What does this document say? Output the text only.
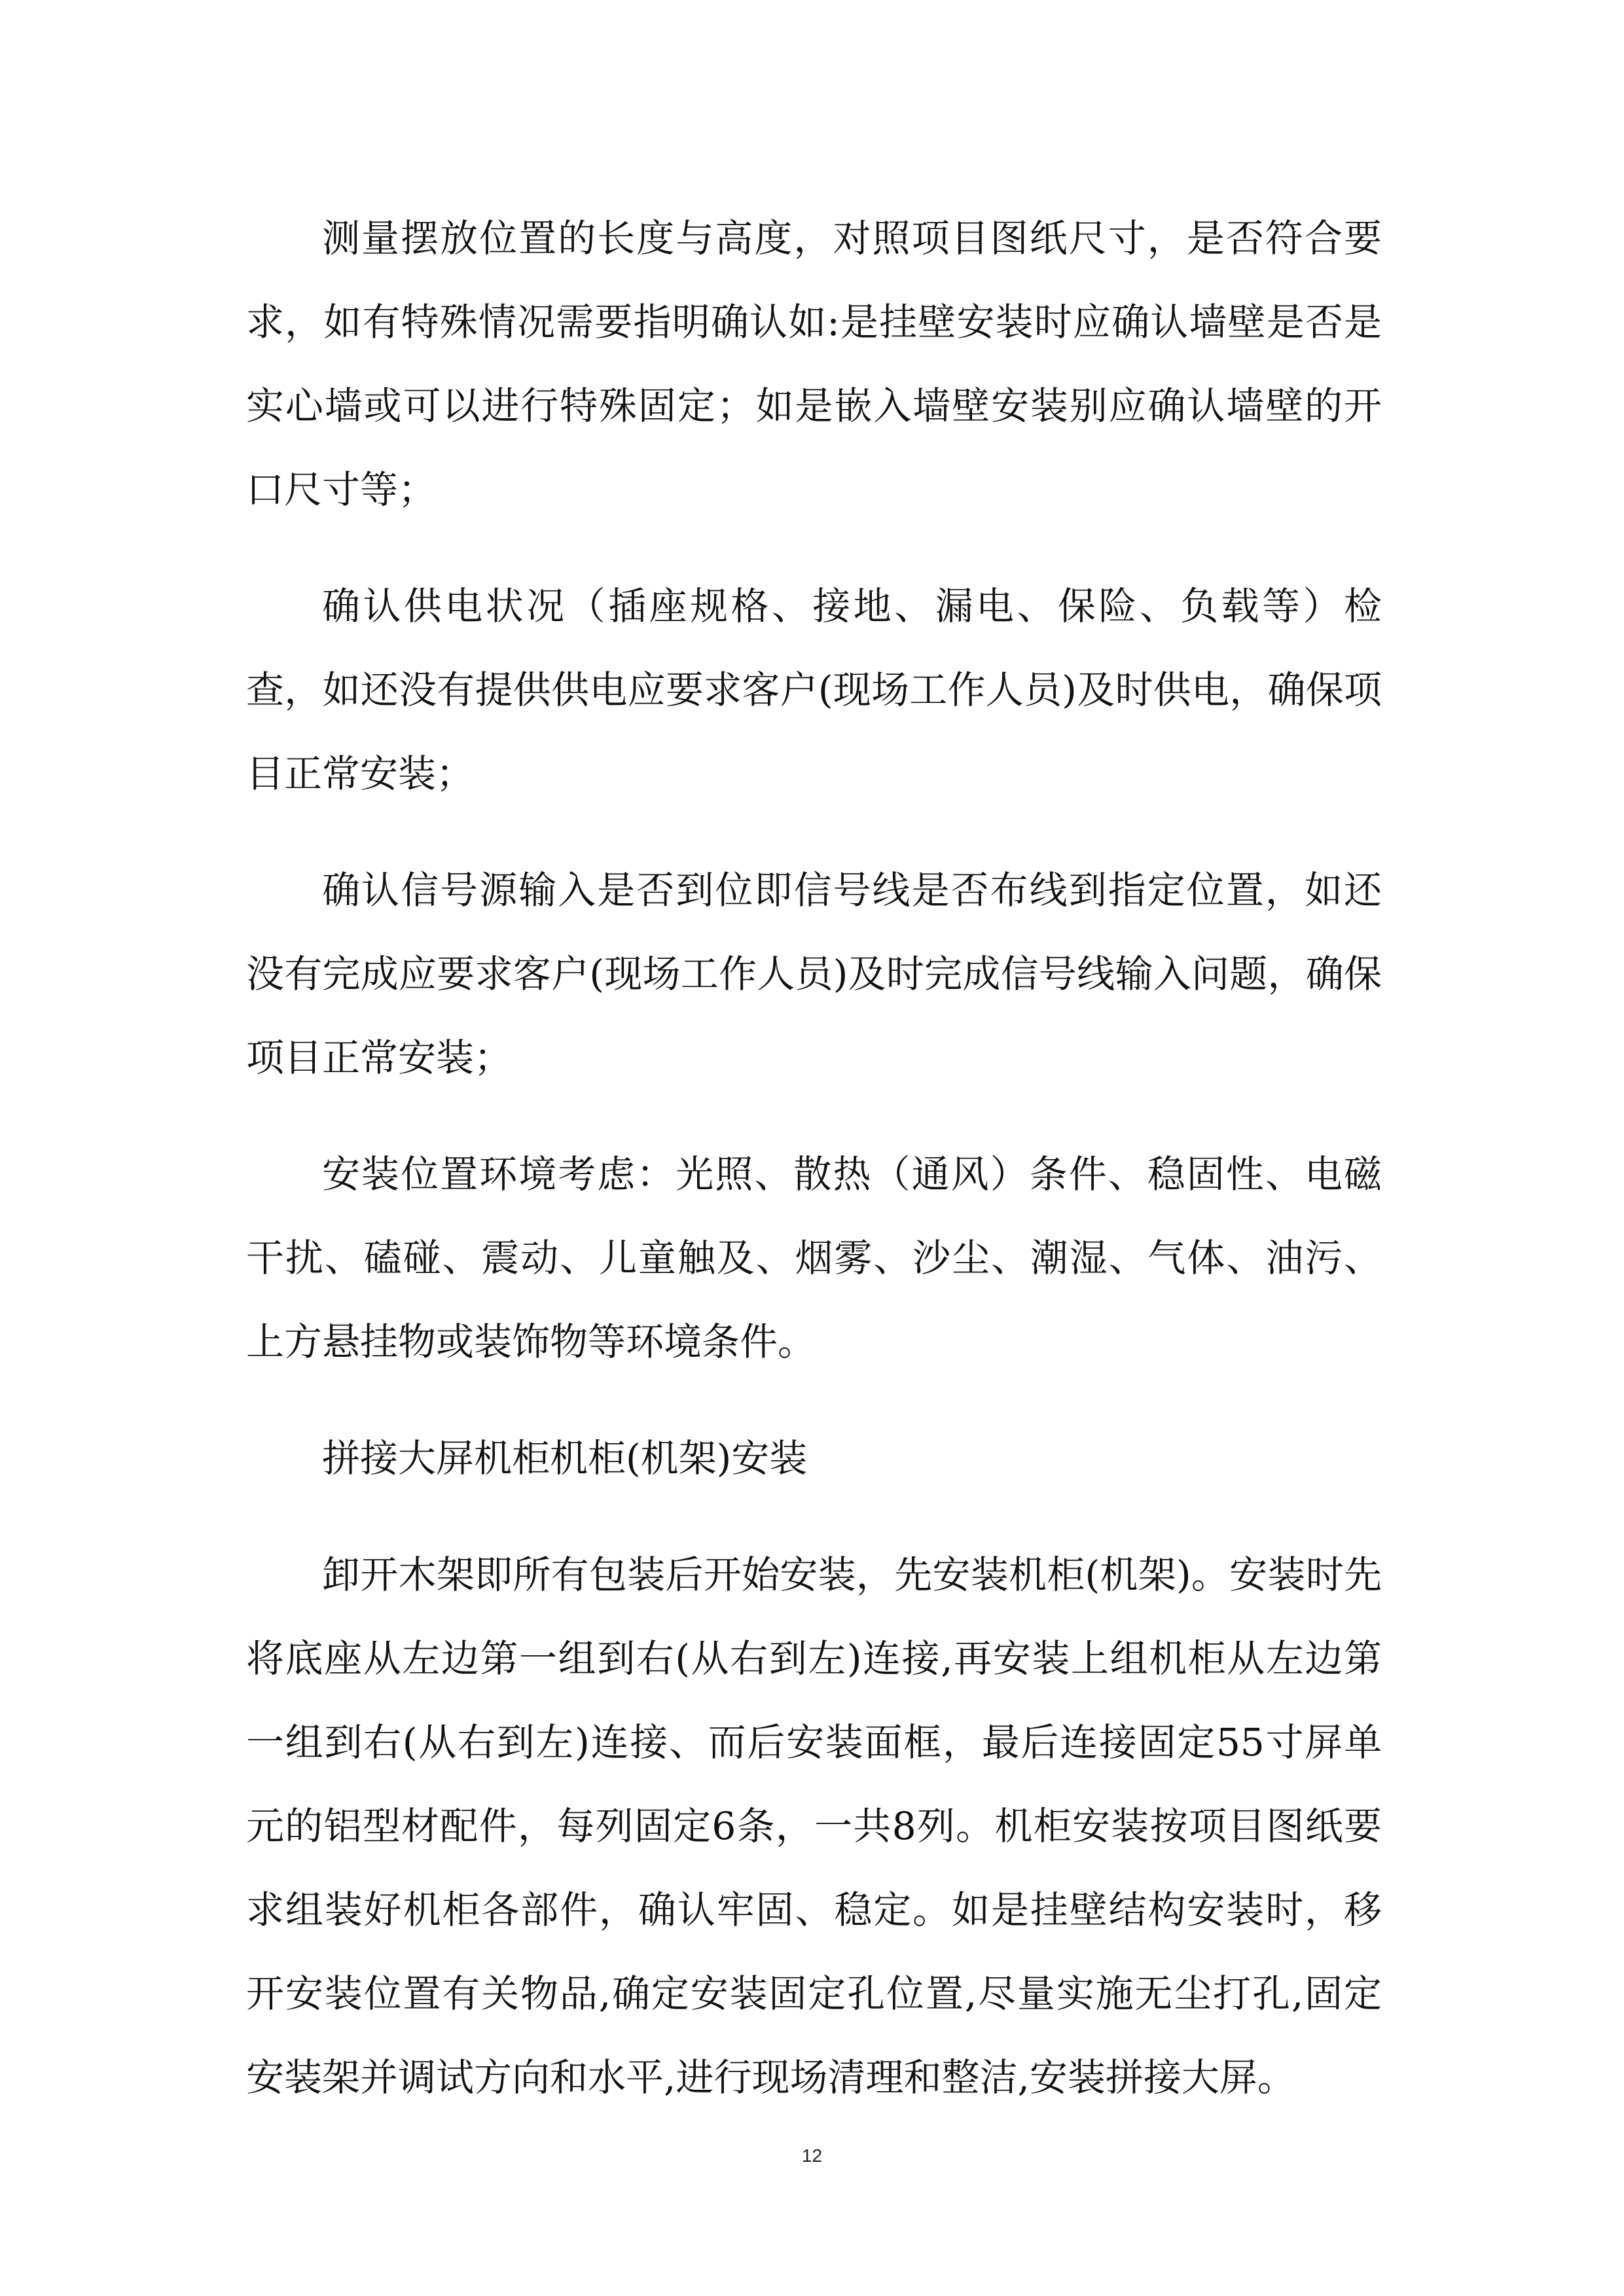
测量摆放位置的长度与高度，对照项目图纸尺寸，是否符合要求，如有特殊情况需要指明确认如:是挂壁安装时应确认墙壁是否是实心墙或可以进行特殊固定；如是嵌入墙壁安装别应确认墙壁的开口尺寸等；

确认供电状况（插座规格、接地、漏电、保险、负载等）检查，如还没有提供供电应要求客户(现场工作人员)及时供电，确保项目正常安装；

确认信号源输入是否到位即信号线是否布线到指定位置，如还没有完成应要求客户(现场工作人员)及时完成信号线输入问题，确保项目正常安装；

安装位置环境考虑：光照、散热（通风）条件、稳固性、电磁干扰、磕碰、震动、儿童触及、烟雾、沙尘、潮湿、气体、油污、上方悬挂物或装饰物等环境条件。

拼接大屏机柜机柜(机架)安装

卸开木架即所有包装后开始安装，先安装机柜(机架)。安装时先将底座从左边第一组到右(从右到左)连接,再安装上组机柜从左边第一组到右(从右到左)连接、而后安装面框，最后连接固定55寸屏单元的铝型材配件，每列固定6条，一共8列。机柜安装按项目图纸要求组装好机柜各部件，确认牢固、稳定。如是挂壁结构安装时，移开安装位置有关物品,确定安装固定孔位置,尽量实施无尘打孔,固定安装架并调试方向和水平,进行现场清理和整洁,安装拼接大屏。

12
